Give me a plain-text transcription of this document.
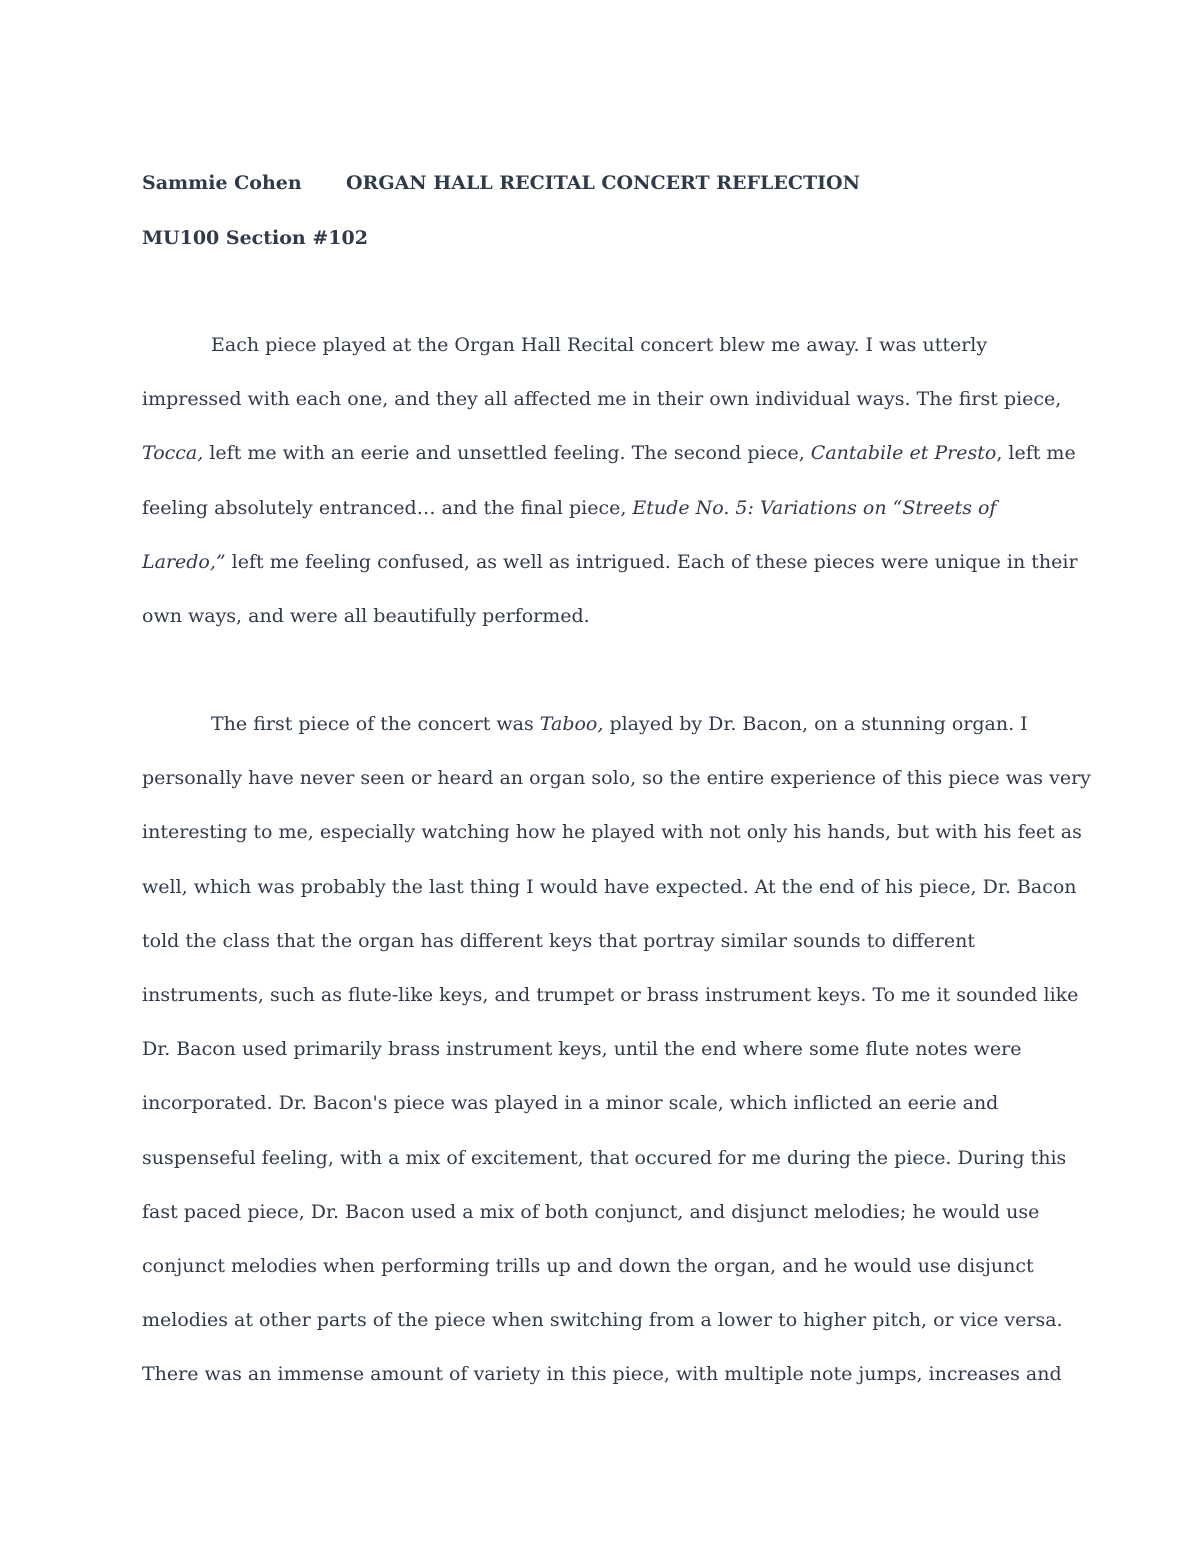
Sammie Cohen ORGAN HALL RECITAL CONCERT REFLECTION
MU100 Section #102
Each piece played at the Organ Hall Recital concert blew me away. I was utterly
impressed with each one, and they all affected me in their own individual ways. The first piece,
Tocca, left me with an eerie and unsettled feeling. The second piece, Cantabile et Presto, left me
feeling absolutely entranced… and the final piece, Etude No. 5: Variations on “Streets of
Laredo,” left me feeling confused, as well as intrigued. Each of these pieces were unique in their
own ways, and were all beautifully performed.
The first piece of the concert was Taboo, played by Dr. Bacon, on a stunning organ. I
personally have never seen or heard an organ solo, so the entire experience of this piece was very
interesting to me, especially watching how he played with not only his hands, but with his feet as
well, which was probably the last thing I would have expected. At the end of his piece, Dr. Bacon
told the class that the organ has different keys that portray similar sounds to different
instruments, such as flute-like keys, and trumpet or brass instrument keys. To me it sounded like
Dr. Bacon used primarily brass instrument keys, until the end where some flute notes were
incorporated. Dr. Bacon's piece was played in a minor scale, which inflicted an eerie and
suspenseful feeling, with a mix of excitement, that occured for me during the piece. During this
fast paced piece, Dr. Bacon used a mix of both conjunct, and disjunct melodies; he would use
conjunct melodies when performing trills up and down the organ, and he would use disjunct
melodies at other parts of the piece when switching from a lower to higher pitch, or vice versa.
There was an immense amount of variety in this piece, with multiple note jumps, increases and
